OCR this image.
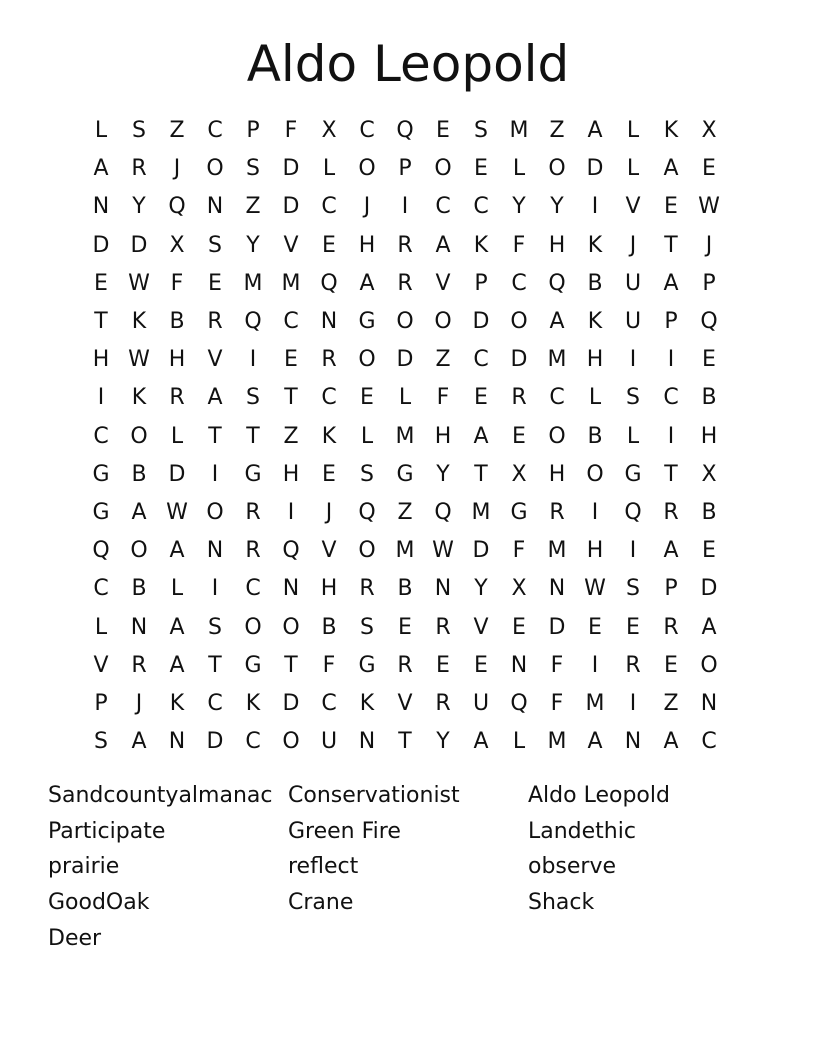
Aldo Leopold
L	S	Z	C	P	F	X	C Q	E	S M Z	A	L	K	X
A	R	J	O	S	D	L	O	P	O	E	L	O D	L	A	E
N	Y	Q N	Z D C	J	I	C	C	Y	Y	I	V	E W
D D X	S	Y	V	E	H	R	A	K	F	H	K	J	T	J
E W F	E M M Q A	R	V	P	C Q B	U	A	P
T	K	B	R Q C	N G O O D O A	K	U	P	Q
H W H	V	I	E	R O D Z	C D M H	I	I	E
I	K	R	A	S	T	C	E	L	F	E	R	C	L	S	C	B
C O	L	T	T	Z	K	L	M H	A	E	O B	L	I	H
G B D	I	G H	E	S	G	Y	T	X	H O G	T	X
G A W O R	I	J	Q Z Q M G R	I	Q R	B
Q O A	N	R Q V O M W D	F	M H	I	A	E
C	B	L	I	C	N H	R	B	N	Y	X	N W S	P	D
L	N	A	S	O O B	S	E	R	V	E	D	E	E	R	A
V	R	A	T	G	T	F	G R	E	E	N	F	I	R	E	O
P	J	K	C	K	D C	K	V	R	U Q	F	M	I	Z	N
S	A	N D C O U N	T	Y	A	L	M A	N	A	C
Sandcountyalmanac Conservationist	Aldo Leopold
Participate	Green Fire	Landethic
prairie	reflect	observe
GoodOak	Crane	Shack
Deer
